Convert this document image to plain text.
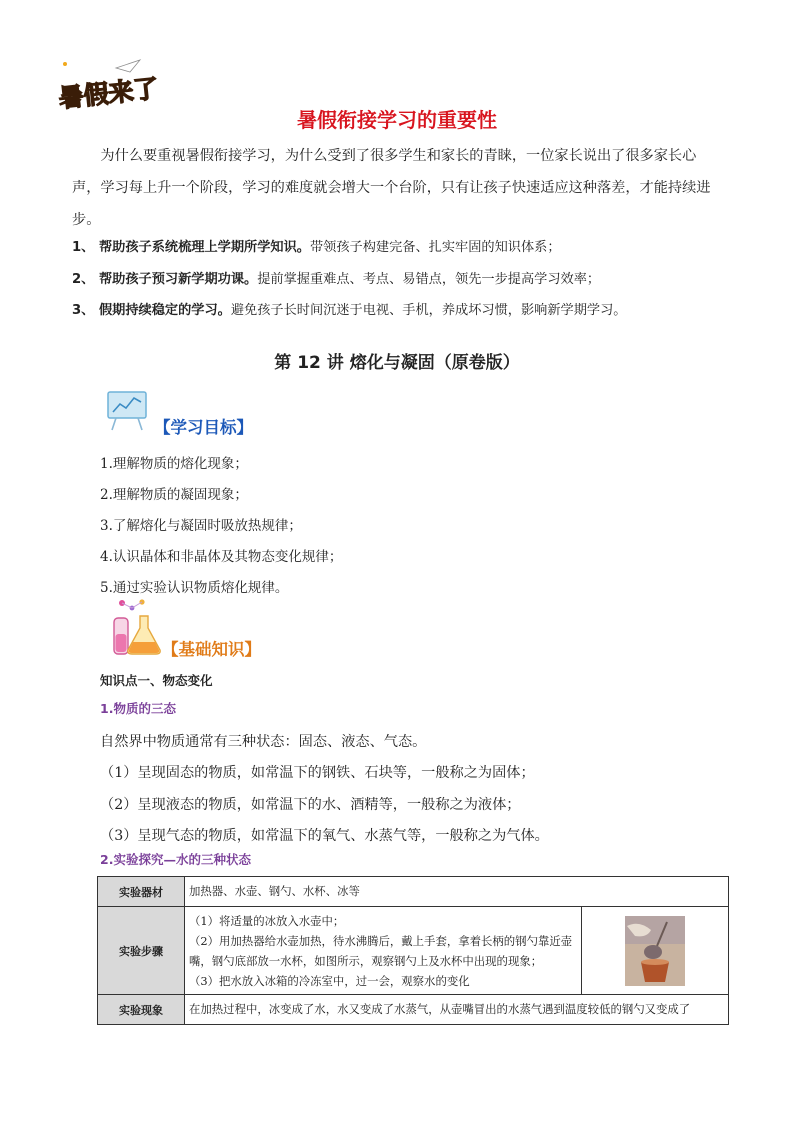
暑假来了
暑假衔接学习的重要性
为什么要重视暑假衔接学习，为什么受到了很多学生和家长的青睐，一位家长说出了很多家长心声，学习每上升一个阶段，学习的难度就会增大一个台阶，只有让孩子快速适应这种落差，才能持续进步。
1、 帮助孩子系统梳理上学期所学知识。带领孩子构建完备、扎实牢固的知识体系；
2、 帮助孩子预习新学期功课。提前掌握重难点、考点、易错点，领先一步提高学习效率；
3、 假期持续稳定的学习。避免孩子长时间沉迷于电视、手机，养成坏习惯，影响新学期学习。
第 12 讲 熔化与凝固（原卷版）
【学习目标】
1.理解物质的熔化现象；
2.理解物质的凝固现象；
3.了解熔化与凝固时吸放热规律；
4.认识晶体和非晶体及其物态变化规律；
5.通过实验认识物质熔化规律。
【基础知识】
知识点一、物态变化
1.物质的三态
自然界中物质通常有三种状态：固态、液态、气态。
（1）呈现固态的物质，如常温下的钢铁、石块等，一般称之为固体；
（2）呈现液态的物质，如常温下的水、酒精等，一般称之为液体；
（3）呈现气态的物质，如常温下的氧气、水蒸气等，一般称之为气体。
2.实验探究—水的三种状态
实验器材	加热器、水壶、钢勺、水杯、冰等	
实验步骤	（1）将适量的冰放入水壶中；
（2）用加热器给水壶加热，待水沸腾后，戴上手套，拿着长柄的钢勺靠近壶嘴，钢勺底部放一水杯，如图所示，观察钢勺上及水杯中出现的现象；
（3）把水放入冰箱的冷冻室中，过一会，观察水的变化

实验现象	在加热过程中，冰变成了水，水又变成了水蒸气，从壶嘴冒出的水蒸气遇到温度较低的钢勺又变成了	
